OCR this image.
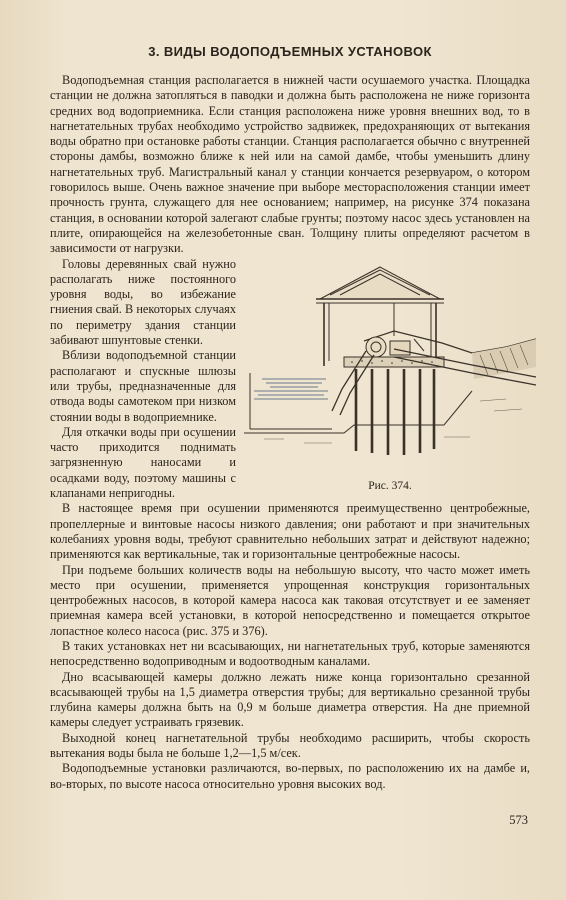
3. ВИДЫ ВОДОПОДЪЕМНЫХ УСТАНОВОК

Водоподъемная станция располагается в нижней части осушаемого участка. Площадка станции не должна затопляться в паводки и должна быть расположена не ниже горизонта средних вод водоприемника. Если станция расположена ниже уровня внешних вод, то в нагнетательных трубах необходимо устройство задвижек, предохраняющих от вытекания воды обратно при остановке работы станции. Станция располагается обычно с внутренней стороны дамбы, возможно ближе к ней или на самой дамбе, чтобы уменьшить длину нагнетательных труб. Магистральный канал у станции кончается резервуаром, о котором говорилось выше. Очень важное значение при выборе месторасположения станции имеет прочность грунта, служащего для нее основанием; например, на рисунке 374 показана станция, в основании которой залегают слабые грунты; поэтому насос здесь установлен на плите, опирающейся на железобетонные сван. Толщину плиты определяют расчетом в зависимости от нагрузки.

Рис. 374.

Головы деревянных свай нужно располагать ниже постоянного уровня воды, во избежание гниения свай. В некоторых случаях по периметру здания станции забивают шпунтовые стенки.

Вблизи водоподъемной станции располагают и спускные шлюзы или трубы, предназначенные для отвода воды самотеком при низком стоянии воды в водоприемнике.

Для откачки воды при осушении часто приходится поднимать загрязненную наносами и осадками воду, поэтому машины с клапанами непригодны.

В настоящее время при осушении применяются преимущественно центробежные, пропеллерные и винтовые насосы низкого давления; они работают и при значительных колебаниях уровня воды, требуют сравнительно небольших затрат и действуют надежно; применяются как вертикальные, так и горизонтальные центробежные насосы.

При подъеме больших количеств воды на небольшую высоту, что часто может иметь место при осушении, применяется упрощенная конструкция горизонтальных центробежных насосов, в которой камера насоса как таковая отсутствует и ее заменяет приемная камера всей установки, в которой непосредственно и помещается открытое лопастное колесо насоса (рис. 375 и 376).

В таких установках нет ни всасывающих, ни нагнетательных труб, которые заменяются непосредственно водоприводным и водоотводным каналами.

Дно всасывающей камеры должно лежать ниже конца горизонтально срезанной всасывающей трубы на 1,5 диаметра отверстия трубы; для вертикально срезанной трубы глубина камеры должна быть на 0,9 м больше диаметра отверстия. На дне приемной камеры следует устраивать грязевик.

Выходной конец нагнетательной трубы необходимо расширить, чтобы скорость вытекания воды была не больше 1,2—1,5 м/сек.

Водоподъемные установки различаются, во-первых, по расположению их на дамбе и, во-вторых, по высоте насоса относительно уровня высоких вод.

573
